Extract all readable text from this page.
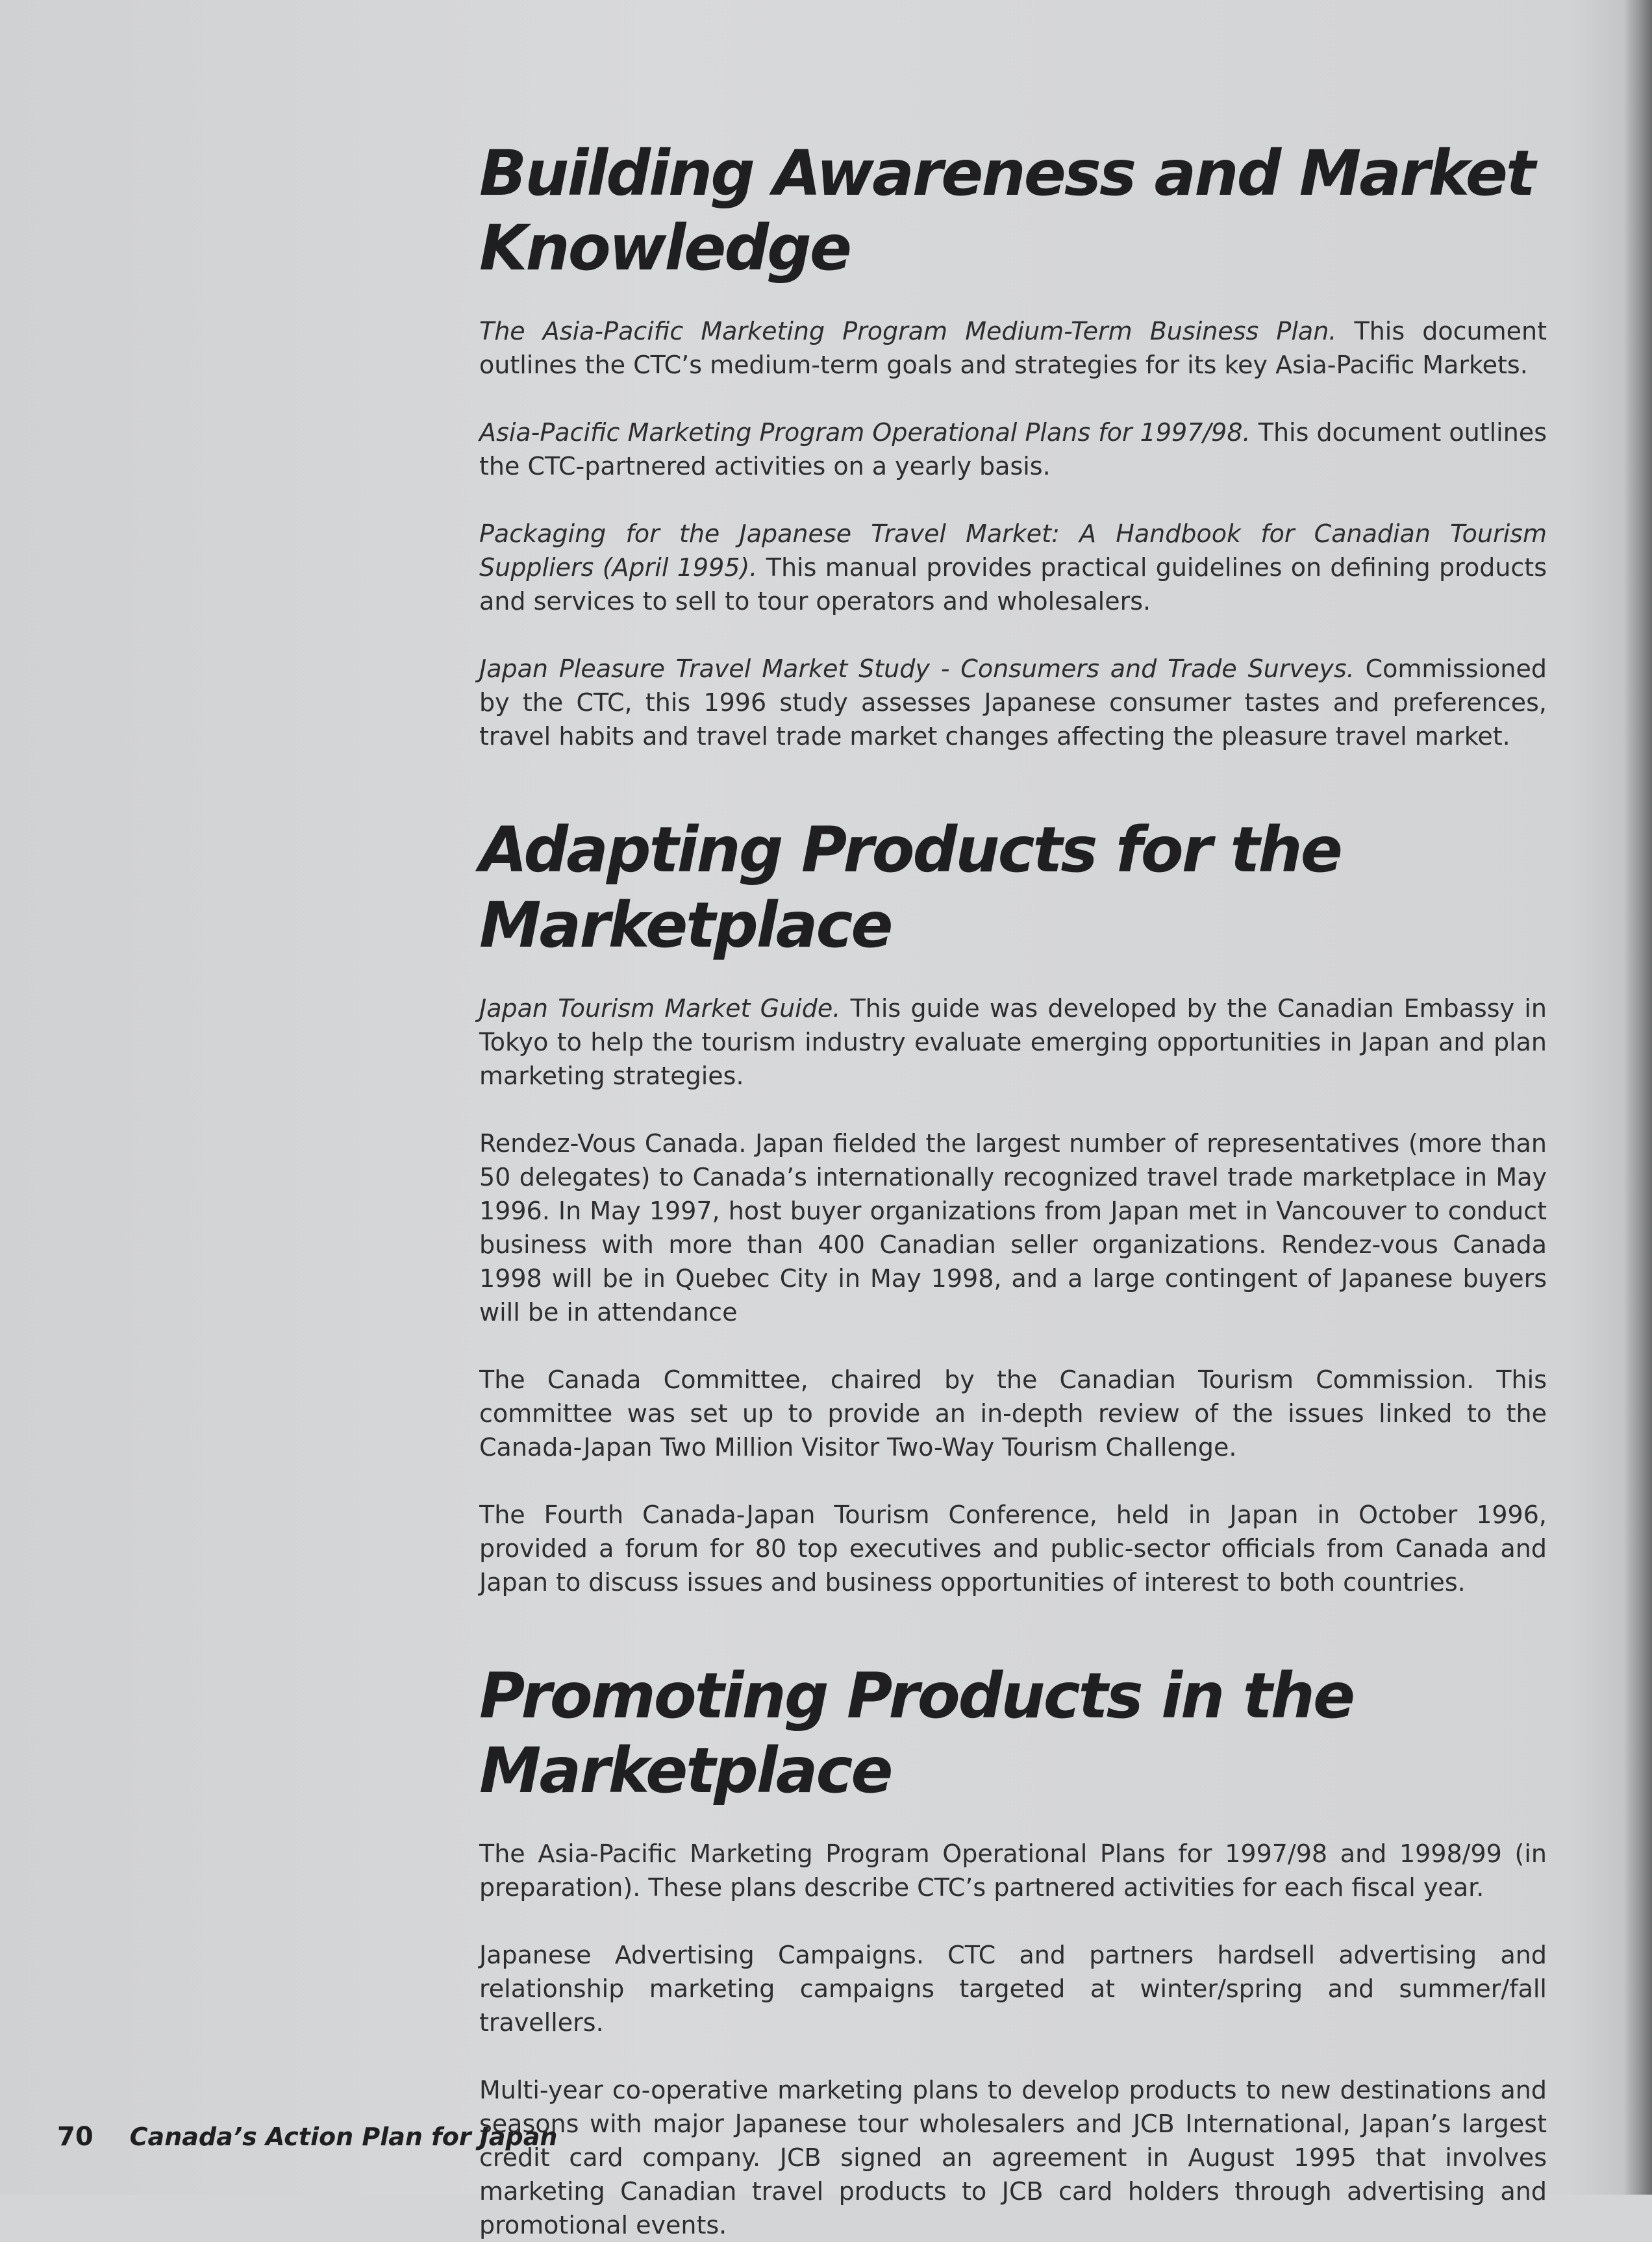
Building Awareness and Market Knowledge

The Asia-Pacific Marketing Program Medium-Term Business Plan. This document outlines the CTC’s medium-term goals and strategies for its key Asia-Pacific Markets.

Asia-Pacific Marketing Program Operational Plans for 1997/98. This document outlines the CTC-partnered activities on a yearly basis.

Packaging for the Japanese Travel Market: A Handbook for Canadian Tourism Suppliers (April 1995). This manual provides practical guidelines on defining products and services to sell to tour operators and wholesalers.

Japan Pleasure Travel Market Study - Consumers and Trade Surveys. Commissioned by the CTC, this 1996 study assesses Japanese consumer tastes and preferences, travel habits and travel trade market changes affecting the pleasure travel market.

Adapting Products for the Marketplace

Japan Tourism Market Guide. This guide was developed by the Canadian Embassy in Tokyo to help the tourism industry evaluate emerging opportunities in Japan and plan marketing strategies.

Rendez-Vous Canada. Japan fielded the largest number of representatives (more than 50 delegates) to Canada’s internationally recognized travel trade marketplace in May 1996. In May 1997, host buyer organizations from Japan met in Vancouver to conduct business with more than 400 Canadian seller organizations. Rendez-vous Canada 1998 will be in Quebec City in May 1998, and a large contingent of Japanese buyers will be in attendance

The Canada Committee, chaired by the Canadian Tourism Commission. This committee was set up to provide an in-depth review of the issues linked to the Canada-Japan Two Million Visitor Two-Way Tourism Challenge.

The Fourth Canada-Japan Tourism Conference, held in Japan in October 1996, provided a forum for 80 top executives and public-sector officials from Canada and Japan to discuss issues and business opportunities of interest to both countries.

Promoting Products in the Marketplace

The Asia-Pacific Marketing Program Operational Plans for 1997/98 and 1998/99 (in preparation). These plans describe CTC’s partnered activities for each fiscal year.

Japanese Advertising Campaigns. CTC and partners hardsell advertising and relationship marketing campaigns targeted at winter/spring and summer/fall travellers.

Multi-year co-operative marketing plans to develop products to new destinations and seasons with major Japanese tour wholesalers and JCB International, Japan’s largest credit card company. JCB signed an agreement in August 1995 that involves marketing Canadian travel products to JCB card holders through advertising and promotional events.

70 Canada’s Action Plan for Japan
